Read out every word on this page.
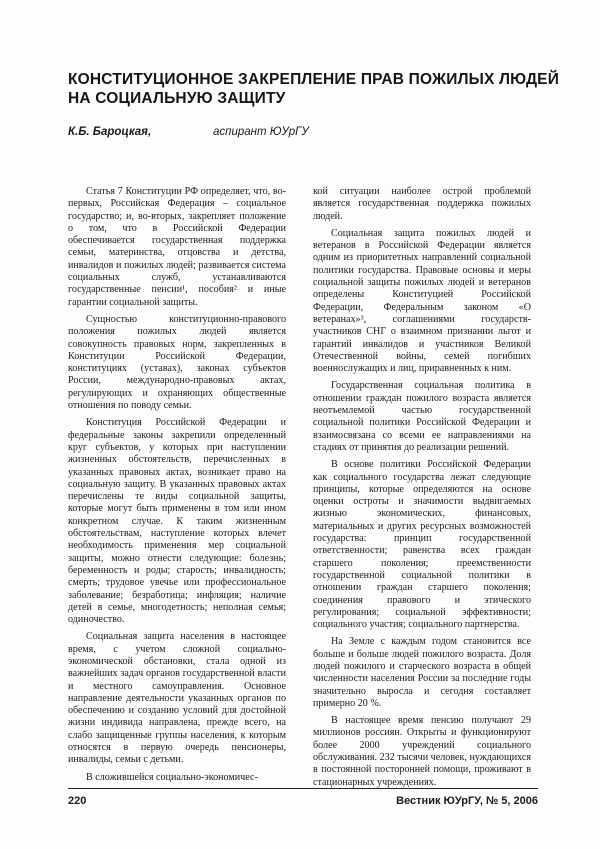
КОНСТИТУЦИОННОЕ ЗАКРЕПЛЕНИЕ ПРАВ ПОЖИЛЫХ ЛЮДЕЙ
НА СОЦИАЛЬНУЮ ЗАЩИТУ
К.Б. Бароцкая,	аспирант ЮУрГУ

Статья 7 Конституции РФ определяет, что, во-первых, Российская Федерация – социальное государство; и, во-вторых, закрепляет положение о том, что в Российской Федерации обеспечивается государственная поддержка семьи, материнства, отцовства и детства, инвалидов и пожилых людей; развивается система социальных служб, устанавливаются государственные пенсии¹, пособия² и иные гарантии социальной защиты.

Сущностью конституционно-правового положения пожилых людей является совокупность правовых норм, закрепленных в Конституции Российской Федерации, конституциях (уставах), законах субъектов России, международно-правовых актах, регулирующих и охраняющих общественные отношения по поводу семьи.

Конституция Российской Федерации и федеральные законы закрепили определенный круг субъектов, у которых при наступлении жизненных обстоятельств, перечисленных в указанных правовых актах, возникает право на социальную защиту. В указанных правовых актах перечислены те виды социальной защиты, которые могут быть применены в том или ином конкретном случае. К таким жизненным обстоятельствам, наступление которых влечет необходимость применения мер социальной защиты, можно отнести следующие: болезнь; беременность и роды; старость; инвалидность; смерть; трудовое увечье или профессиональное заболевание; безработица; инфляция; наличие детей в семье, многодетность; неполная семья; одиночество.

Социальная защита населения в настоящее время, с учетом сложной социально-экономической обстановки, стала одной из важнейших задач органов государственной власти и местного самоуправления. Основное направление деятельности указанных органов по обеспечению и созданию условий для достойной жизни индивида направлена, прежде всего, на слабо защищенные группы населения, к которым относятся в первую очередь пенсионеры, инвалиды, семьи с детьми.

В сложившейся социально-экономичес-

кой ситуации наиболее острой проблемой является государственная поддержка пожилых людей.

Социальная защита пожилых людей и ветеранов в Российской Федерации является одним из приоритетных направлений социальной политики государства. Правовые основы и меры социальной защиты пожилых людей и ветеранов определены Конституцией Российской Федерации, Федеральным законом «О ветеранах»³, соглашениями государств-участников СНГ о взаимном признании льгот и гарантий инвалидов и участников Великой Отечественной войны, семей погибших военнослужащих и лиц, приравненных к ним.

Государственная социальная политика в отношении граждан пожилого возраста является неотъемлемой частью государственной социальной политики Российской Федерации и взаимосвязана со всеми ее направлениями на стадиях от принятия до реализации решений.

В основе политики Российской Федерации как социального государства лежат следующие принципы, которые определяются на основе оценки остроты и значимости выдвигаемых жизнью экономических, финансовых, материальных и других ресурсных возможностей государства: принцип государственной ответственности; равенства всех граждан старшего поколения; преемственности государственной социальной политики в отношении граждан старшего поколения; соединения правового и этического регулирования; социальной эффективности; социального участия; социального партнерства.

На Земле с каждым годом становится все больше и больше людей пожилого возраста. Доля людей пожилого и старческого возраста в общей численности населения России за последние годы значительно выросла и сегодня составляет примерно 20 %.

В настоящее время пенсию получают 29 миллионов россиян. Открыты и функционируют более 2000 учреждений социального обслуживания. 232 тысячи человек, нуждающихся в постоянной посторонней помощи, проживают в стационарных учреждениях.

220	Вестник ЮУрГУ, № 5, 2006
